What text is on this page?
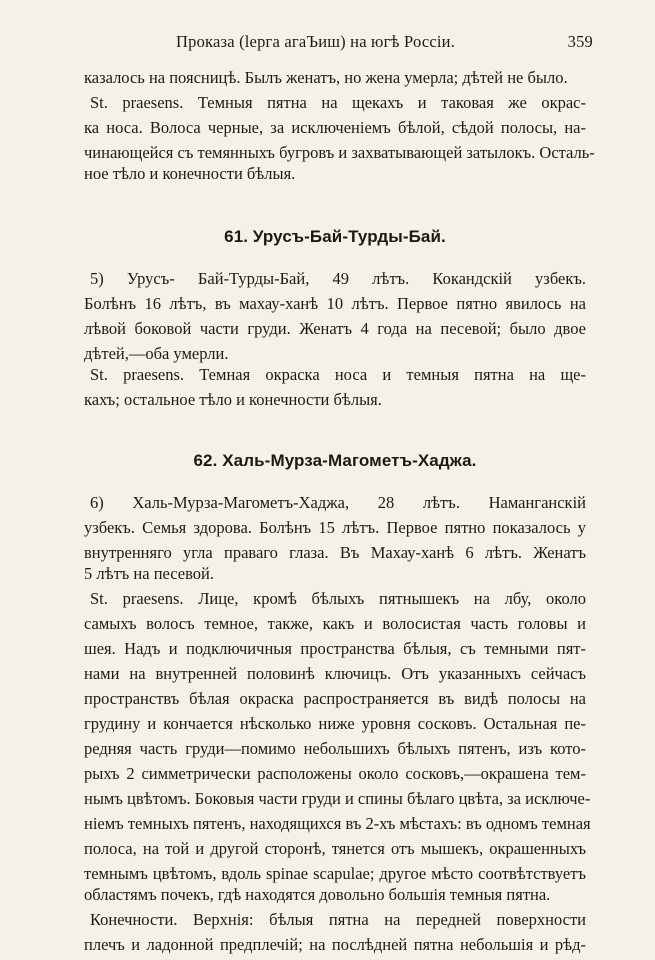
Проказа (lерга агаЪиш) на югѣ Россіи.	359
казалось на поясницѣ. Былъ женатъ, но жена умерла; дѣтей не было.
St. praesens. Темныя пятна на щекахъ и таковая же окрас-
ка носа. Волоса черные, за исключеніемъ бѣлой, сѣдой полосы, на-
чинающейся съ темянныхъ бугровъ и захватывающей затылокъ. Осталь-
ное тѣло и конечности бѣлыя.
61. Урусъ-Бай-Турды-Бай.
5) Урусъ- Бай-Турды-Бай, 49 лѣтъ. Кокандскій узбекъ.
Болѣнъ 16 лѣтъ, въ махау-ханѣ 10 лѣтъ. Первое пятно явилось на
лѣвой боковой части груди. Женатъ 4 года на песевой; было двое
дѣтей,—оба умерли.
St. praesens. Темная окраска носа и темныя пятна на ще-
кахъ; остальное тѣло и конечности бѣлыя.
62. Халь-Мурза-Магометъ-Хаджа.
6) Халь-Мурза-Магометъ-Хаджа, 28 лѣтъ. Наманганскій
узбекъ. Семья здорова. Болѣнъ 15 лѣтъ. Первое пятно показалось у
внутренняго угла праваго глаза. Въ Махау-ханѣ 6 лѣтъ. Женатъ
5 лѣтъ на песевой.
St. praesens. Лице, кромѣ бѣлыхъ пятнышекъ на лбу, около
самыхъ волосъ темное, также, какъ и волосистая часть головы и
шея. Надъ и подключичныя пространства бѣлыя, съ темными пят-
нами на внутренней половинѣ ключицъ. Отъ указанныхъ сейчасъ
пространствъ бѣлая окраска распространяется въ видѣ полосы на
грудину и кончается нѣсколько ниже уровня сосковъ. Остальная пе-
редняя часть груди—помимо небольшихъ бѣлыхъ пятенъ, изъ кото-
рыхъ 2 симметрически расположены около сосковъ,—окрашена тем-
нымъ цвѣтомъ. Боковыя части груди и спины бѣлаго цвѣта, за исключе-
ніемъ темныхъ пятенъ, находящихся въ 2-хъ мѣстахъ: въ одномъ темная
полоса, на той и другой сторонѣ, тянется отъ мышекъ, окрашенныхъ
темнымъ цвѣтомъ, вдоль spinae scapulae; другое мѣсто соотвѣтствуетъ
областямъ почекъ, гдѣ находятся довольно большія темныя пятна.
Конечности. Верхнія: бѣлыя пятна на передней поверхности
плечъ и ладонной предплечій; на послѣдней пятна небольшія и рѣд-
